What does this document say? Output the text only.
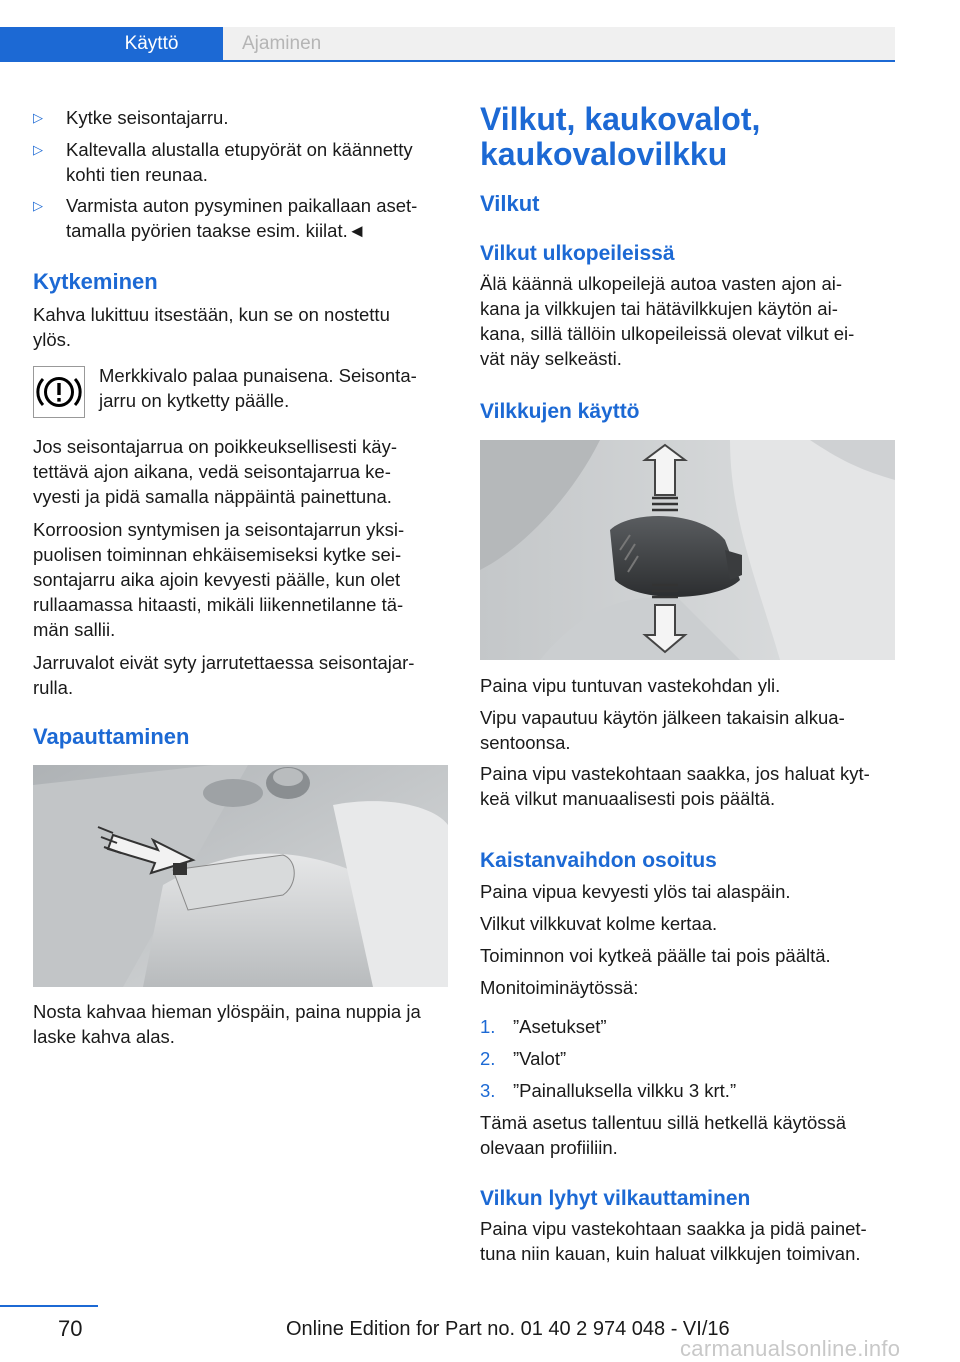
Käyttö	Ajaminen
▷ Kytke seisontajarru.
▷ Kaltevalla alustalla etupyörät on käännetty
kohti tien reunaa.
▷ Varmista auton pysyminen paikallaan aset‐
tamalla pyörien taakse esim. kiilat.◄
Kytkeminen
Kahva lukittuu itsestään, kun se on nostettu
ylös.
Merkkivalo palaa punaisena. Seisonta‐
jarru on kytketty päälle.
Jos seisontajarrua on poikkeuksellisesti käy‐
tettävä ajon aikana, vedä seisontajarrua ke‐
vyesti ja pidä samalla näppäintä painettuna.
Korroosion syntymisen ja seisontajarrun yksi‐
puolisen toiminnan ehkäisemiseksi kytke sei‐
sontajarru aika ajoin kevyesti päälle, kun olet
rullaamassa hitaasti, mikäli liikennetilanne tä‐
män sallii.
Jarruvalot eivät syty jarrutettaessa seisontajar‐
rulla.
Vapauttaminen
Nosta kahvaa hieman ylöspäin, paina nuppia ja
laske kahva alas.
Vilkut, kaukovalot,
kaukovalovilkku
Vilkut
Vilkut ulkopeileissä
Älä käännä ulkopeilejä autoa vasten ajon ai‐
kana ja vilkkujen tai hätävilkkujen käytön ai‐
kana, sillä tällöin ulkopeileissä olevat vilkut ei‐
vät näy selkeästi.
Vilkkujen käyttö
Paina vipu tuntuvan vastekohdan yli.
Vipu vapautuu käytön jälkeen takaisin alkua‐
sentoonsa.
Paina vipu vastekohtaan saakka, jos haluat kyt‐
keä vilkut manuaalisesti pois päältä.
Kaistanvaihdon osoitus
Paina vipua kevyesti ylös tai alaspäin.
Vilkut vilkkuvat kolme kertaa.
Toiminnon voi kytkeä päälle tai pois päältä.
Monitoiminäytössä:
1. ”Asetukset”
2. ”Valot”
3. ”Painalluksella vilkku 3 krt.”
Tämä asetus tallentuu sillä hetkellä käytössä
olevaan profiiliin.
Vilkun lyhyt vilkauttaminen
Paina vipu vastekohtaan saakka ja pidä painet‐
tuna niin kauan, kuin haluat vilkkujen toimivan.
70	Online Edition for Part no. 01 40 2 974 048 - VI/16
carmanualsonline.info
